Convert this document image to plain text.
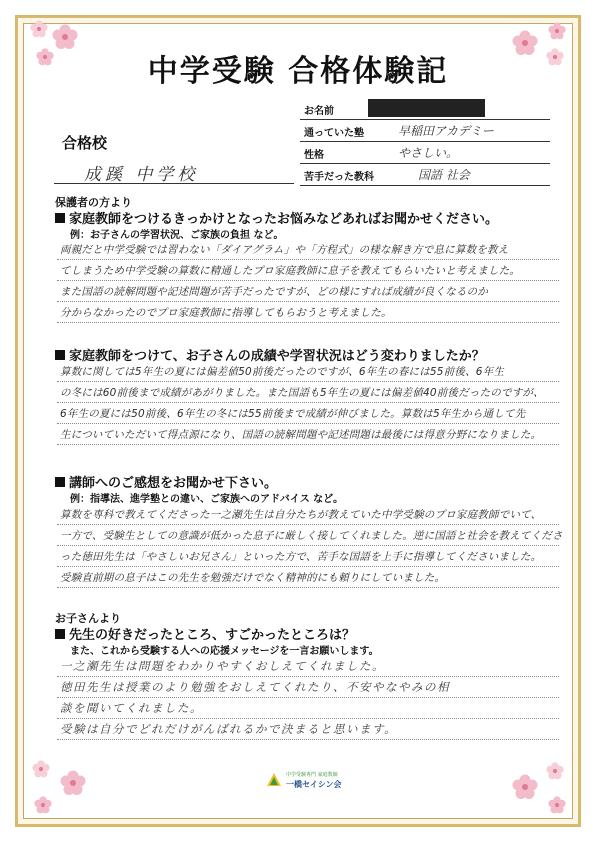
中学受験 合格体験記
お名前
通っていた塾	早稲田アカデミー
性格	やさしい。
苦手だった教科	国語 社会
合格校
成蹊 中学校
保護者の方より
家庭教師をつけるきっかけとなったお悩みなどあればお聞かせください。
例：お子さんの学習状況、ご家族の負担 など。
両親だと中学受験では習わない「ダイアグラム」や「方程式」の様な解き方で息に算数を教え
てしまうため中学受験の算数に精通したプロ家庭教師に息子を教えてもらいたいと考えました。
また国語の読解問題や記述問題が苦手だったですが、どの様にすれば成績が良くなるのか
分からなかったのでプロ家庭教師に指導してもらおうと考えました。
家庭教師をつけて、お子さんの成績や学習状況はどう変わりましたか？
算数に関しては5年生の夏には偏差値50前後だったのですが、6年生の春には55前後、6年生
の冬には60前後まで成績があがりました。また国語も5年生の夏には偏差値40前後だったのですが、
6年生の夏には50前後、6年生の冬には55前後まで成績が伸びました。算数は5年生から通して先
生についていただいて得点源になり、国語の読解問題や記述問題は最後には得意分野になりました。
講師へのご感想をお聞かせ下さい。
例：指導法、進学塾との違い、ご家族へのアドバイス など。
算数を専科で教えてくださった一之瀬先生は自分たちが教えていた中学受験のプロ家庭教師でいて、
一方で、受験生としての意識が低かった息子に厳しく接してくれました。逆に国語と社会を教えてくださ
った徳田先生は「やさしいお兄さん」といった方で、苦手な国語を上手に指導してくださいました。
受験直前期の息子はこの先生を勉強だけでなく精神的にも頼りにしていました。
お子さんより
先生の好きだったところ、すごかったところは？
また、これから受験する人への応援メッセージを一言お願いします。
一之瀬先生は問題をわかりやすくおしえてくれました。
徳田先生は授業のより勉強をおしえてくれたり、不安やなやみの相
談を聞いてくれました。
受験は自分でどれだけがんばれるかで決まると思います。
中学受験専門 家庭教師
一橋セイシン会
